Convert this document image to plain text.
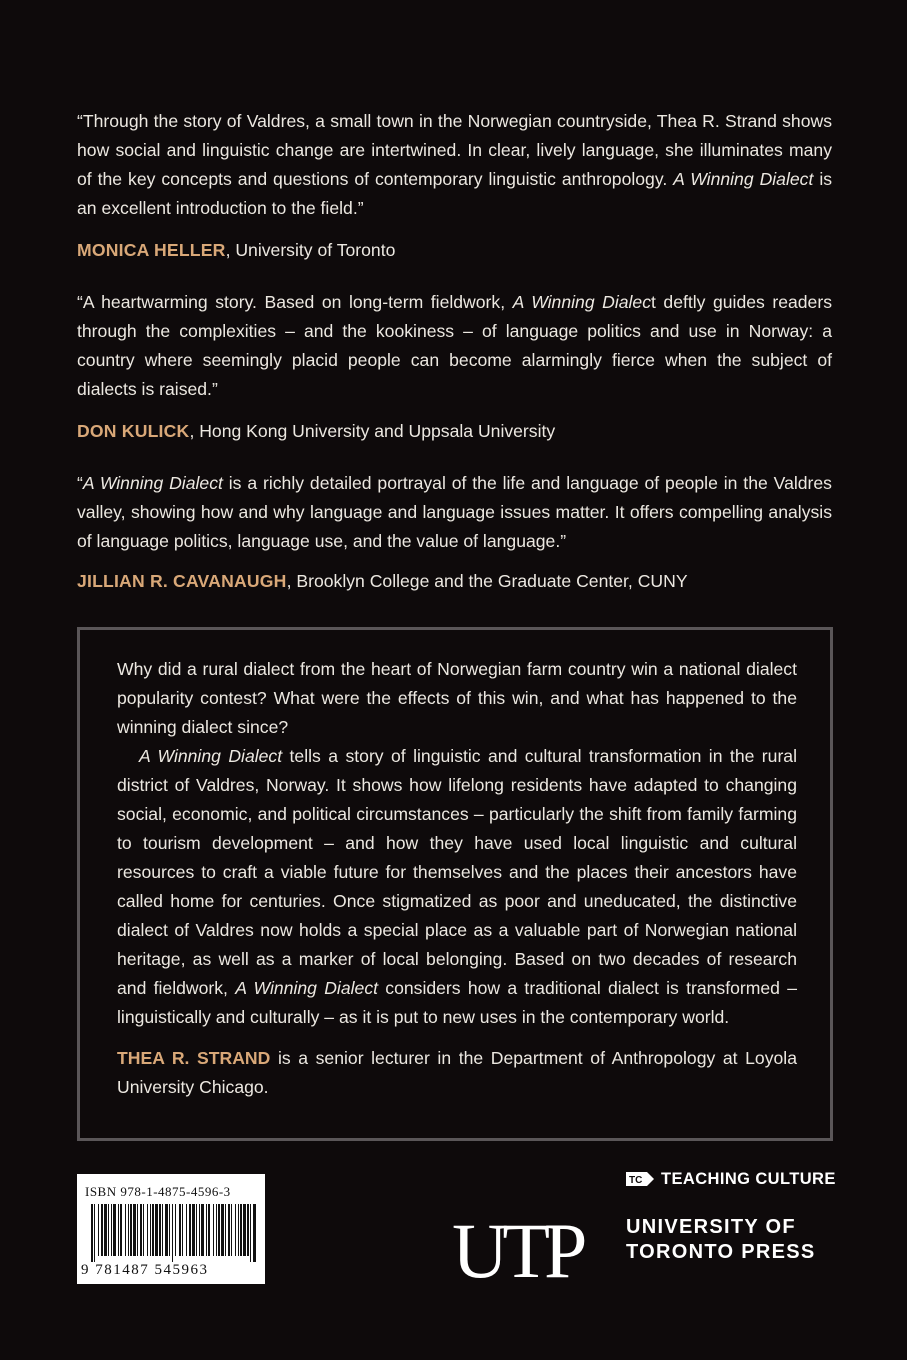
“Through the story of Valdres, a small town in the Norwegian countryside, Thea R. Strand shows how social and linguistic change are intertwined. In clear, lively language, she illuminates many of the key concepts and questions of contemporary linguistic anthropology. A Winning Dialect is an excellent introduction to the field.”

MONICA HELLER, University of Toronto

“A heartwarming story. Based on long-term fieldwork, A Winning Dialect deftly guides readers through the complexities – and the kookiness – of language politics and use in Norway: a country where seemingly placid people can become alarmingly fierce when the subject of dialects is raised.”

DON KULICK, Hong Kong University and Uppsala University

“A Winning Dialect is a richly detailed portrayal of the life and language of people in the Valdres valley, showing how and why language and language issues matter. It offers compelling analysis of language politics, language use, and the value of language.”

JILLIAN R. CAVANAUGH, Brooklyn College and the Graduate Center, CUNY

Why did a rural dialect from the heart of Norwegian farm country win a national dialect popularity contest? What were the effects of this win, and what has happened to the winning dialect since?

A Winning Dialect tells a story of linguistic and cultural transformation in the rural district of Valdres, Norway. It shows how lifelong residents have adapted to changing social, economic, and political circumstances – particularly the shift from family farming to tourism development – and how they have used local linguistic and cultural resources to craft a viable future for themselves and the places their ancestors have called home for centuries. Once stigmatized as poor and uneducated, the distinctive dialect of Valdres now holds a special place as a valuable part of Norwegian national heritage, as well as a marker of local belonging. Based on two decades of research and fieldwork, A Winning Dialect considers how a traditional dialect is transformed – linguistically and culturally – as it is put to new uses in the contemporary world.

THEA R. STRAND is a senior lecturer in the Department of Anthropology at Loyola University Chicago.

ISBN 978-1-4875-4596-3
9 781487 545963
TC TEACHING CULTURE
UTP UNIVERSITY OF
TORONTO PRESS
